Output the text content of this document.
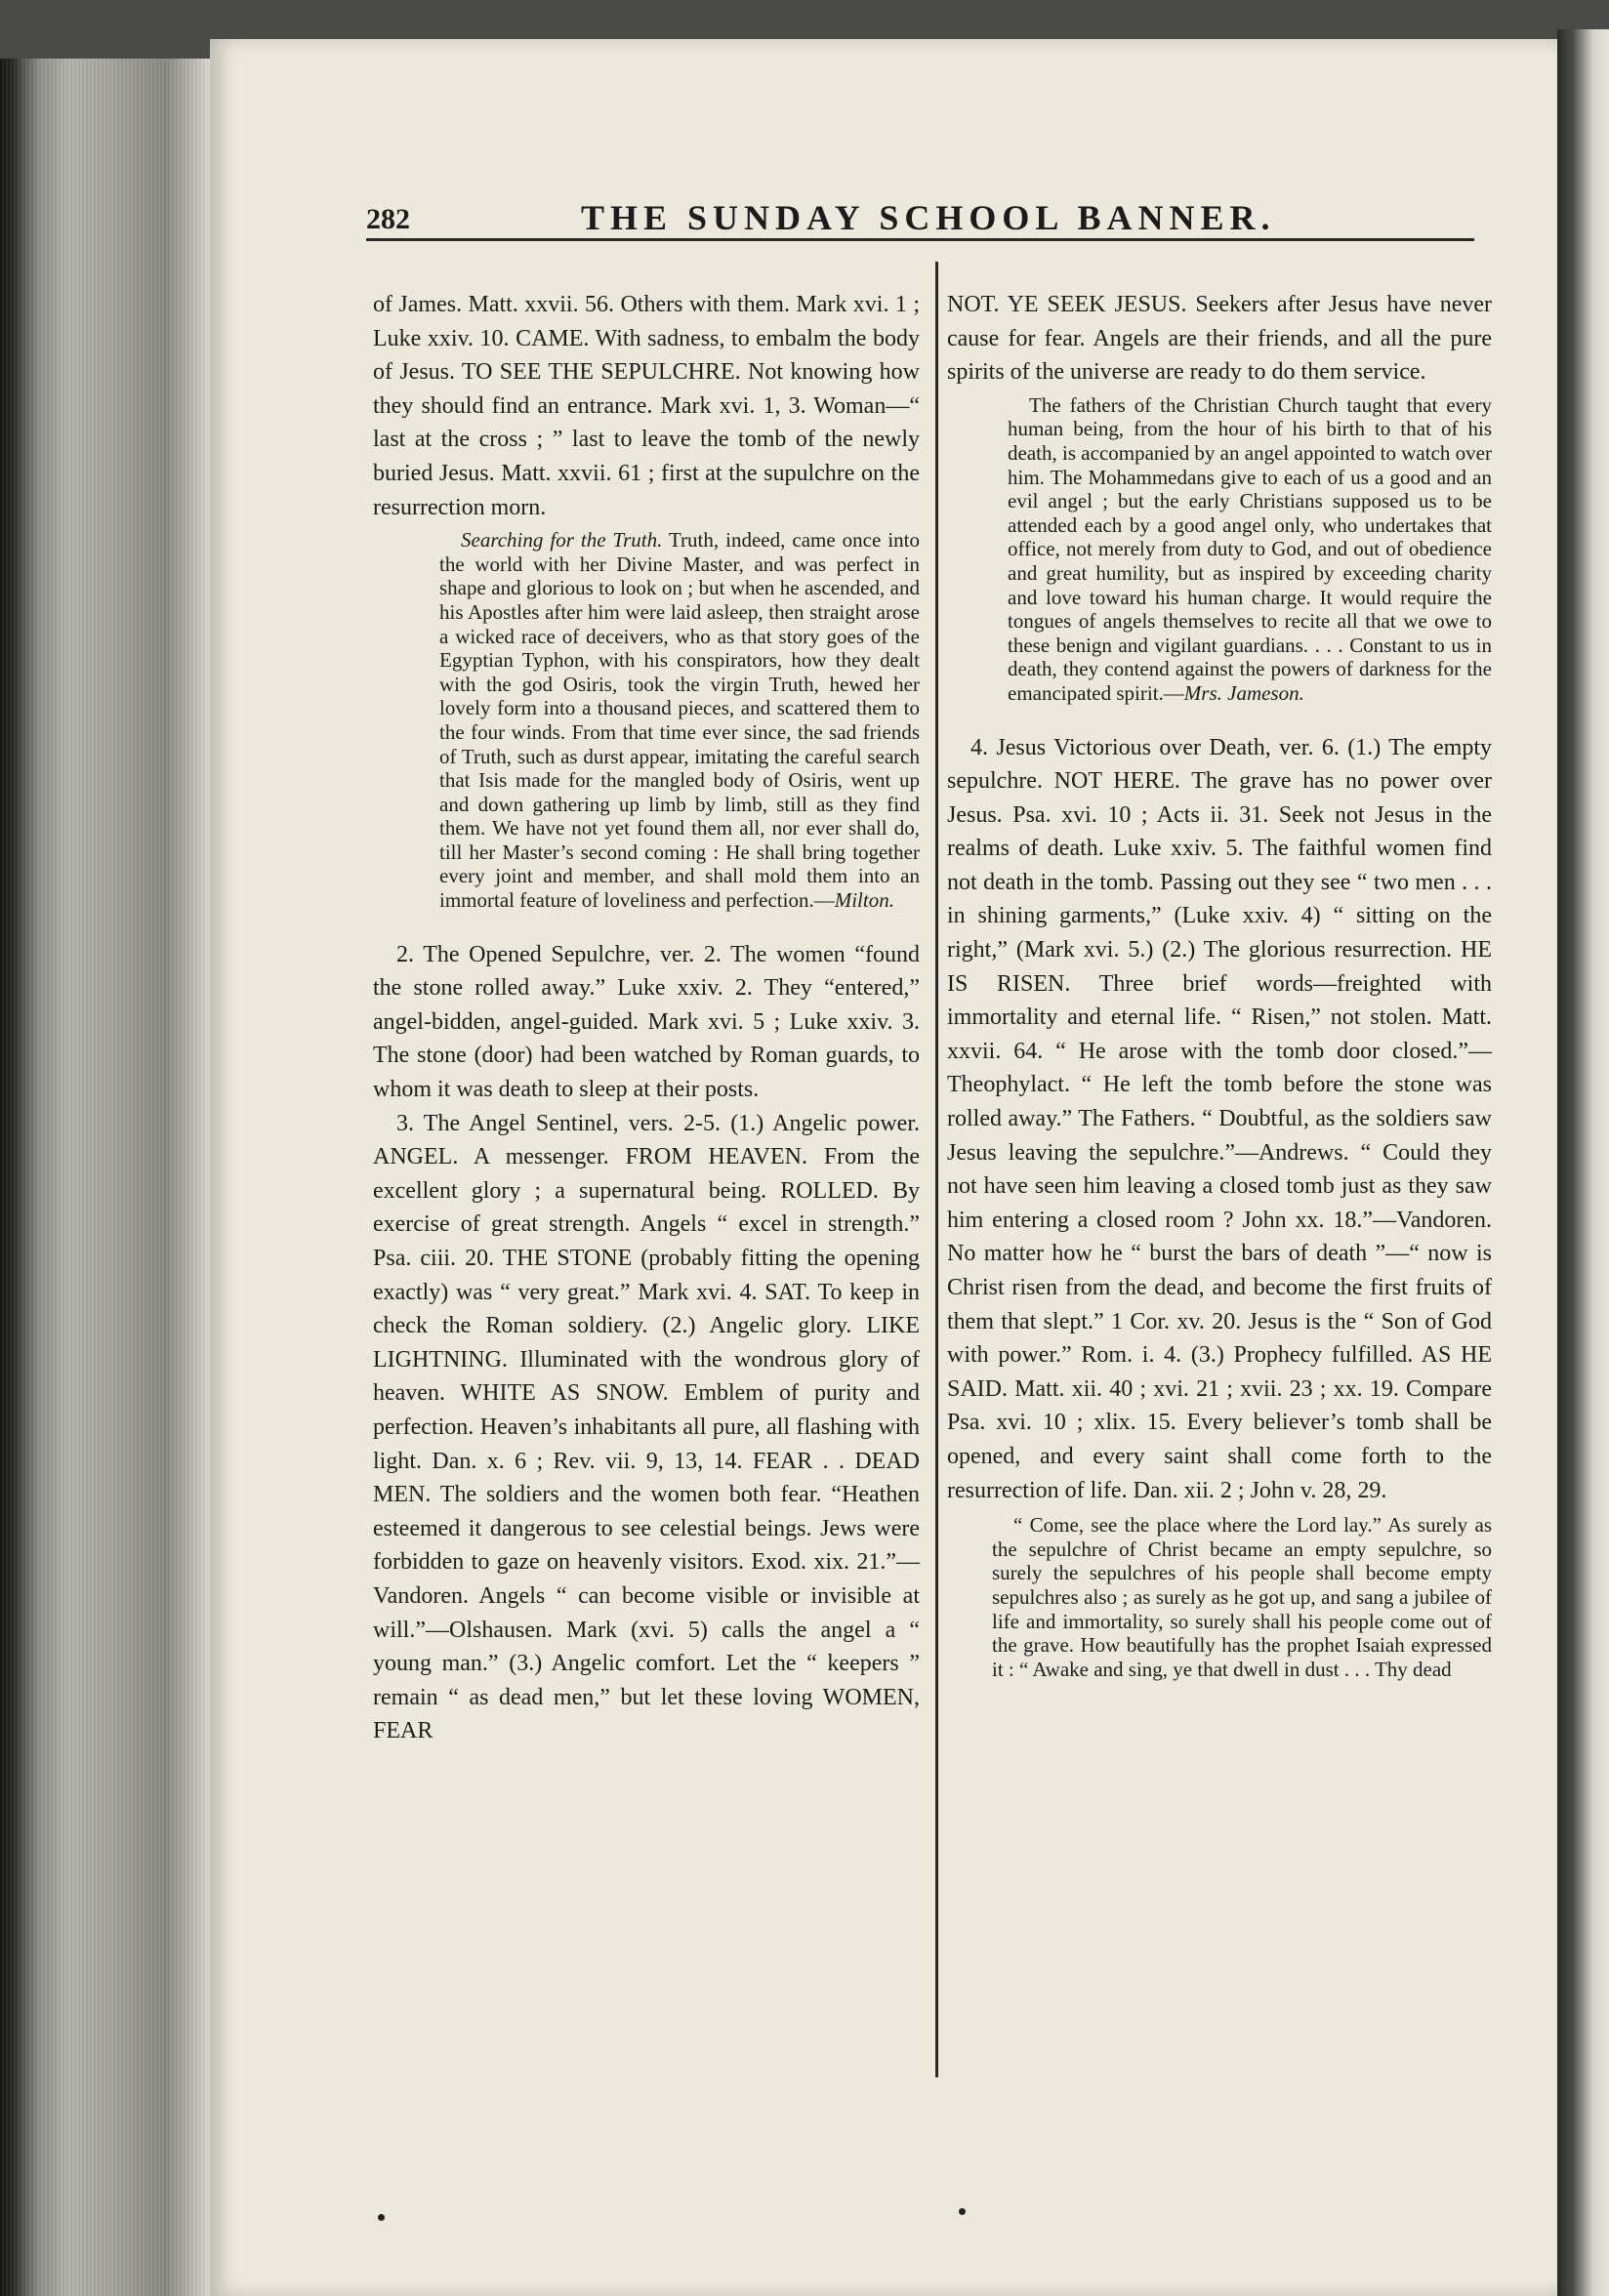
282	THE SUNDAY SCHOOL BANNER.

of James. Matt. xxvii. 56. Others with them. Mark xvi. 1 ; Luke xxiv. 10. CAME. With sadness, to embalm the body of Jesus. TO SEE THE SEPULCHRE. Not knowing how they should find an entrance. Mark xvi. 1, 3. Woman—“ last at the cross ; ” last to leave the tomb of the newly buried Jesus. Matt. xxvii. 61 ; first at the supulchre on the resurrection morn.

Searching for the Truth. Truth, indeed, came once into the world with her Divine Master, and was perfect in shape and glorious to look on ; but when he ascended, and his Apostles after him were laid asleep, then straight arose a wicked race of deceivers, who as that story goes of the Egyptian Typhon, with his conspirators, how they dealt with the god Osiris, took the virgin Truth, hewed her lovely form into a thousand pieces, and scattered them to the four winds. From that time ever since, the sad friends of Truth, such as durst appear, imitating the careful search that Isis made for the mangled body of Osiris, went up and down gathering up limb by limb, still as they find them. We have not yet found them all, nor ever shall do, till her Master’s second coming : He shall bring together every joint and member, and shall mold them into an immortal feature of loveliness and perfection.—Milton.

2. The Opened Sepulchre, ver. 2. The women “found the stone rolled away.” Luke xxiv. 2. They “entered,” angel-bidden, angel-guided. Mark xvi. 5 ; Luke xxiv. 3. The stone (door) had been watched by Roman guards, to whom it was death to sleep at their posts.

3. The Angel Sentinel, vers. 2-5. (1.) Angelic power. ANGEL. A messenger. FROM HEAVEN. From the excellent glory ; a supernatural being. ROLLED. By exercise of great strength. Angels “ excel in strength.” Psa. ciii. 20. THE STONE (probably fitting the opening exactly) was “ very great.” Mark xvi. 4. SAT. To keep in check the Roman soldiery. (2.) Angelic glory. LIKE LIGHTNING. Illuminated with the wondrous glory of heaven. WHITE AS SNOW. Emblem of purity and perfection. Heaven’s inhabitants all pure, all flashing with light. Dan. x. 6 ; Rev. vii. 9, 13, 14. FEAR . . DEAD MEN. The soldiers and the women both fear. “Heathen esteemed it dangerous to see celestial beings. Jews were forbidden to gaze on heavenly visitors. Exod. xix. 21.”—Vandoren. Angels “ can become visible or invisible at will.”—Olshausen. Mark (xvi. 5) calls the angel a “ young man.” (3.) Angelic comfort. Let the “ keepers ” remain “ as dead men,” but let these loving WOMEN, FEAR

NOT. YE SEEK JESUS. Seekers after Jesus have never cause for fear. Angels are their friends, and all the pure spirits of the universe are ready to do them service.

The fathers of the Christian Church taught that every human being, from the hour of his birth to that of his death, is accompanied by an angel appointed to watch over him. The Mohammedans give to each of us a good and an evil angel ; but the early Christians supposed us to be attended each by a good angel only, who undertakes that office, not merely from duty to God, and out of obedience and great humility, but as inspired by exceeding charity and love toward his human charge. It would require the tongues of angels themselves to recite all that we owe to these benign and vigilant guardians. . . . Constant to us in death, they contend against the powers of darkness for the emancipated spirit.—Mrs. Jameson.

4. Jesus Victorious over Death, ver. 6. (1.) The empty sepulchre. NOT HERE. The grave has no power over Jesus. Psa. xvi. 10 ; Acts ii. 31. Seek not Jesus in the realms of death. Luke xxiv. 5. The faithful women find not death in the tomb. Passing out they see “ two men . . . in shining garments,” (Luke xxiv. 4) “ sitting on the right,” (Mark xvi. 5.) (2.) The glorious resurrection. HE IS RISEN. Three brief words—freighted with immortality and eternal life. “ Risen,” not stolen. Matt. xxvii. 64. “ He arose with the tomb door closed.”—Theophylact. “ He left the tomb before the stone was rolled away.” The Fathers. “ Doubtful, as the soldiers saw Jesus leaving the sepulchre.”—Andrews. “ Could they not have seen him leaving a closed tomb just as they saw him entering a closed room ? John xx. 18.”—Vandoren. No matter how he “ burst the bars of death ”—“ now is Christ risen from the dead, and become the first fruits of them that slept.” 1 Cor. xv. 20. Jesus is the “ Son of God with power.” Rom. i. 4. (3.) Prophecy fulfilled. AS HE SAID. Matt. xii. 40 ; xvi. 21 ; xvii. 23 ; xx. 19. Compare Psa. xvi. 10 ; xlix. 15. Every believer’s tomb shall be opened, and every saint shall come forth to the resurrection of life. Dan. xii. 2 ; John v. 28, 29.

“ Come, see the place where the Lord lay.” As surely as the sepulchre of Christ became an empty sepulchre, so surely the sepulchres of his people shall become empty sepulchres also ; as surely as he got up, and sang a jubilee of life and immortality, so surely shall his people come out of the grave. How beautifully has the prophet Isaiah expressed it : “ Awake and sing, ye that dwell in dust . . . Thy dead
